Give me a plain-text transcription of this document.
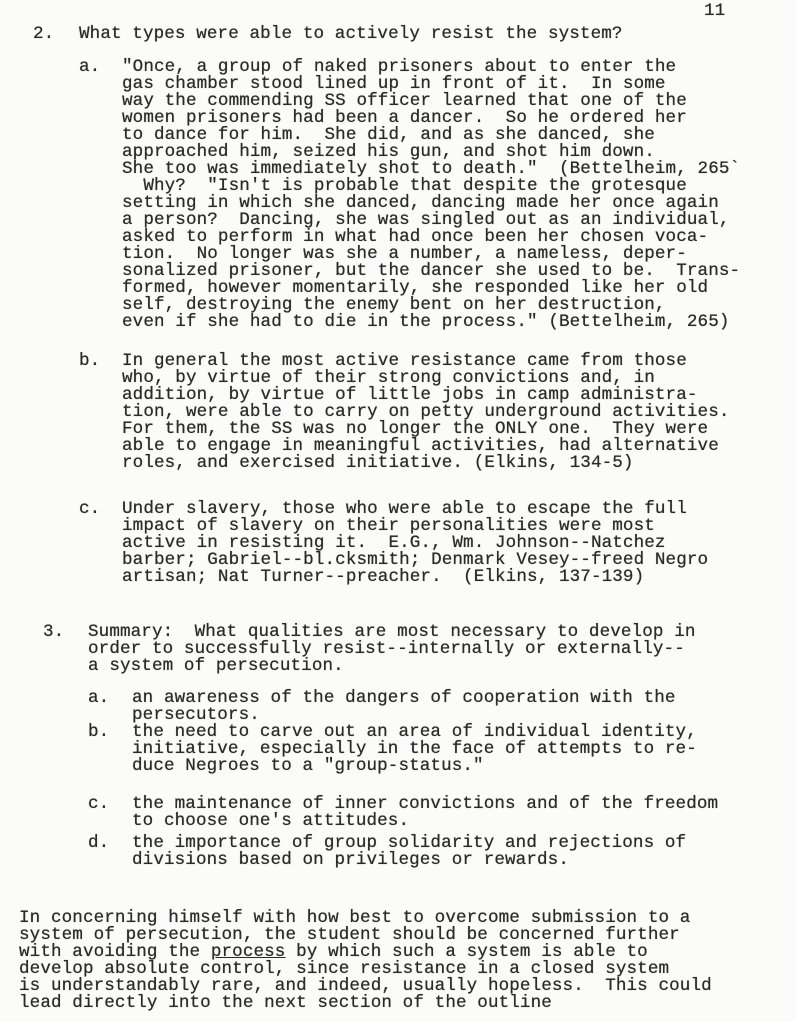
11
2. What types were able to actively resist the system?
a. "Once, a group of naked prisoners about to enter the
gas chamber stood lined up in front of it.  In some
way the commending SS officer learned that one of the
women prisoners had been a dancer.  So he ordered her
to dance for him.  She did, and as she danced, she
approached him, seized his gun, and shot him down.
She too was immediately shot to death."  (Bettelheim, 265`
Why?  "Isn't is probable that despite the grotesque
setting in which she danced, dancing made her once again
a person?  Dancing, she was singled out as an individual,
asked to perform in what had once been her chosen voca-
tion.  No longer was she a number, a nameless, deper-
sonalized prisoner, but the dancer she used to be.  Trans-
formed, however momentarily, she responded like her old
self, destroying the enemy bent on her destruction,
even if she had to die in the process." (Bettelheim, 265)
b. In general the most active resistance came from those
who, by virtue of their strong convictions and, in
addition, by virtue of little jobs in camp administra-
tion, were able to carry on petty underground activities.
For them, the SS was no longer the ONLY one.  They were
able to engage in meaningful activities, had alternative
roles, and exercised initiative. (Elkins, 134-5)
c. Under slavery, those who were able to escape the full
impact of slavery on their personalities were most
active in resisting it.  E.G., Wm. Johnson--Natchez
barber; Gabriel--bl.cksmith; Denmark Vesey--freed Negro
artisan; Nat Turner--preacher.  (Elkins, 137-139)
3. Summary:  What qualities are most necessary to develop in
order to successfully resist--internally or externally--
a system of persecution.
a. an awareness of the dangers of cooperation with the
persecutors.
b. the need to carve out an area of individual identity,
initiative, especially in the face of attempts to re-
duce Negroes to a "group-status."
c. the maintenance of inner convictions and of the freedom
to choose one's attitudes.
d. the importance of group solidarity and rejections of
divisions based on privileges or rewards.
In concerning himself with how best to overcome submission to a
system of persecution, the student should be concerned further
with avoiding the process by which such a system is able to
develop absolute control, since resistance in a closed system
is understandably rare, and indeed, usually hopeless.  This could
lead directly into the next section of the outline
